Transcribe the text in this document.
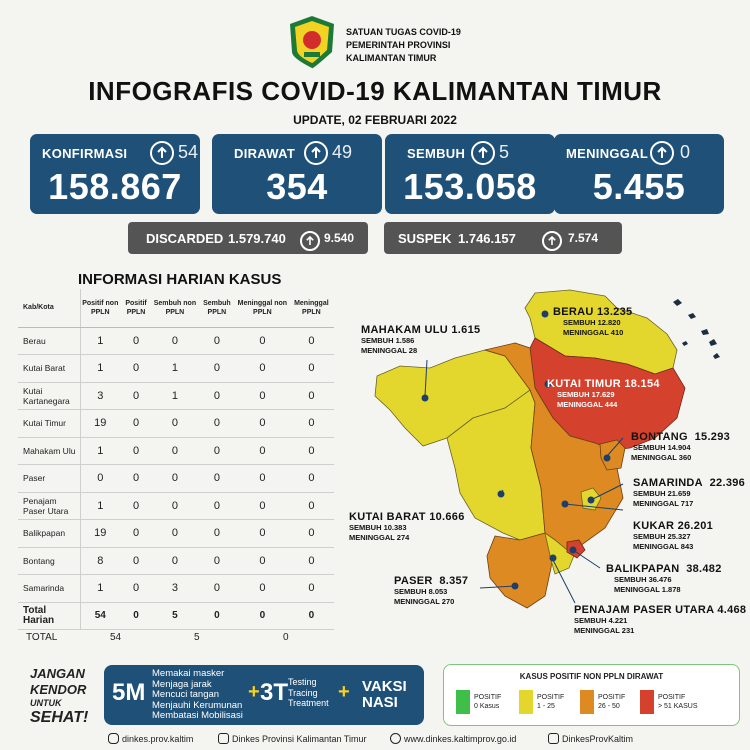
SATUAN TUGAS COVID-19
PEMERINTAH PROVINSI
KALIMANTAN TIMUR
INFOGRAFIS COVID-19 KALIMANTAN TIMUR
UPDATE, 02 FEBRUARI 2022
KONFIRMASI	54
158.867
DIRAWAT 49
354
SEMBUH 5
153.058
MENINGGAL 0
5.455
DISCARDED 1.579.740	9.540	SUSPEK 1.746.157	7.574
INFORMASI HARIAN KASUS
Kab/Kota	Positif non PPLN	Positif PPLN	Sembuh non PPLN	Sembuh PPLN	Meninggal non PPLN	Meninggal PPLN
Berau	1	0	0	0	0	0
Kutai Barat	1	0	1	0	0	0
Kutai Kartanegara	3	0	1	0	0	0
Kutai Timur	19	0	0	0	0	0
Mahakam Ulu	1	0	0	0	0	0
Paser	0	0	0	0	0	0
Penajam Paser Utara	1	0	0	0	0	0
Balikpapan	19	0	0	0	0	0
Bontang	8	0	0	0	0	0
Samarinda	1	0	3	0	0	0
Total Harian	54	0	5	0	0	0
TOTAL	54	5	0
BERAU 13.235
SEMBUH 12.820
MENINGGAL 410
MAHAKAM ULU 1.615
SEMBUH 1.586
MENINGGAL 28
KUTAI TIMUR 18.154
SEMBUH 17.629
MENINGGAL 444
BONTANG 15.293
SEMBUH 14.904
MENINGGAL 360
SAMARINDA 22.396
SEMBUH 21.659
MENINGGAL 717
KUTAI BARAT 10.666
SEMBUH 10.383
MENINGGAL 274
KUKAR 26.201
SEMBUH 25.327
MENINGGAL 843
BALIKPAPAN 38.482
SEMBUH 36.476
MENINGGAL 1.878
PASER 8.357
SEMBUH 8.053
MENINGGAL 270
PENAJAM PASER UTARA 4.468
SEMBUH 4.221
MENINGGAL 231
JANGAN
KENDOR
UNTUK
SEHAT!
5M
Memakai masker
Menjaga jarak
Mencuci tangan
Menjauhi Kerumunan
Membatasi Mobilisasi
+ 3T Testing
Tracing
Treatment + VAKSI
NASI
KASUS POSITIF NON PPLN DIRAWAT
POSITIF
0 Kasus
POSITIF
1 - 25
POSITIF
26 - 50
POSITIF
> 51 KASUS
dinkes.prov.kaltim	Dinkes Provinsi Kalimantan Timur	www.dinkes.kaltimprov.go.id	DinkesProvKaltim
